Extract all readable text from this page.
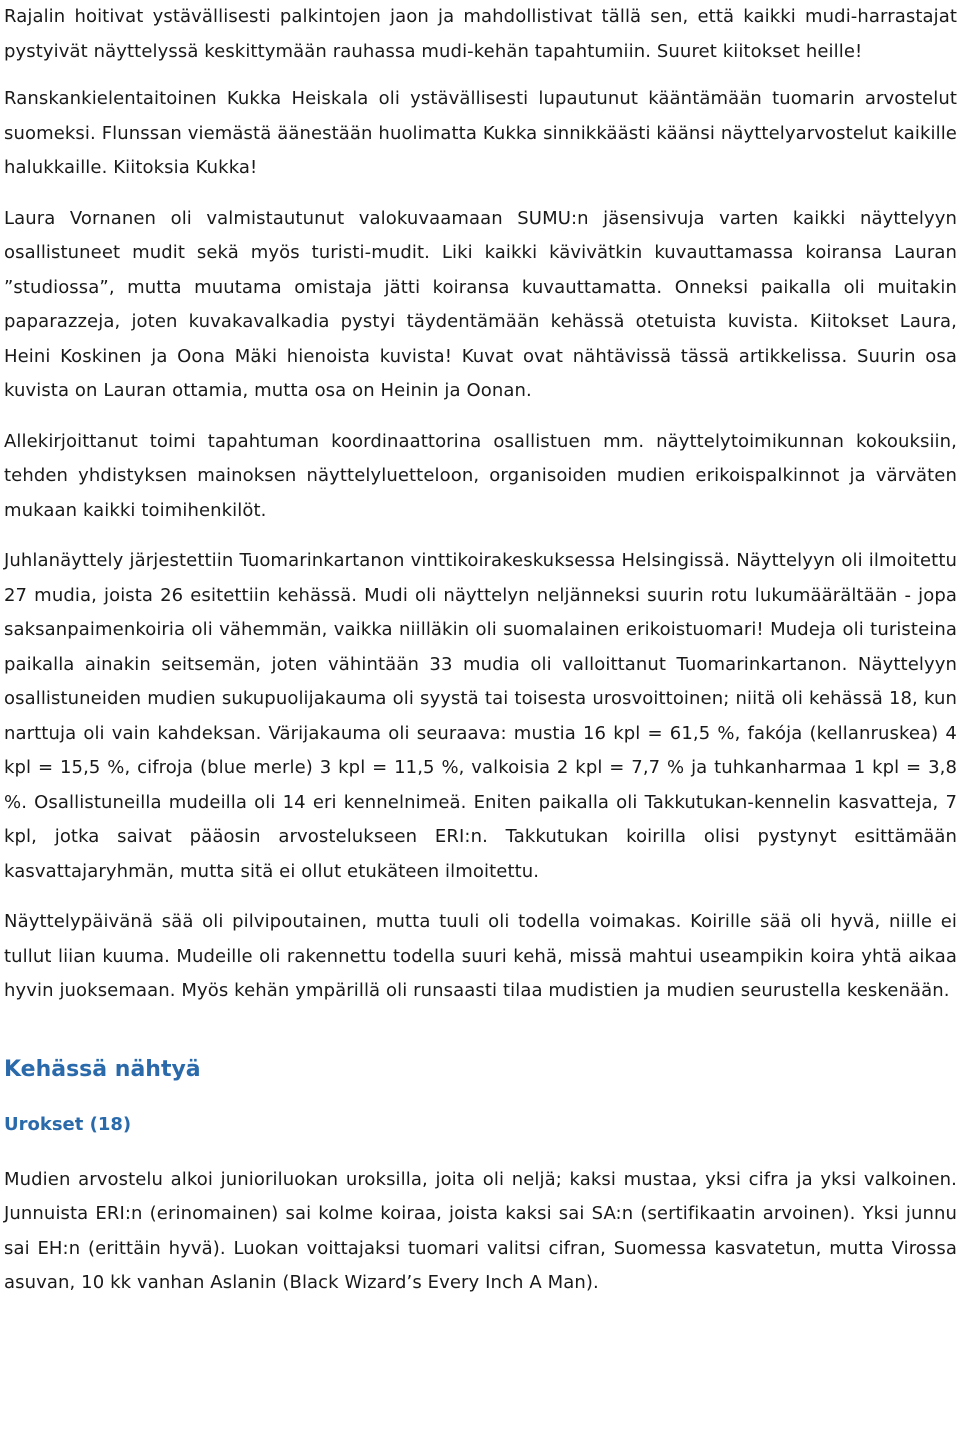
Rajalin hoitivat ystävällisesti palkintojen jaon ja mahdollistivat tällä sen, että kaikki mudi-harrastajat pystyivät näyttelyssä keskittymään rauhassa mudi-kehän tapahtumiin. Suuret kiitokset heille!

Ranskankielentaitoinen Kukka Heiskala oli ystävällisesti lupautunut kääntämään tuomarin arvostelut suomeksi. Flunssan viemästä äänestään huolimatta Kukka sinnikkäästi käänsi näyttelyarvostelut kaikille halukkaille. Kiitoksia Kukka!

Laura Vornanen oli valmistautunut valokuvaamaan SUMU:n jäsensivuja varten kaikki näyttelyyn osallistuneet mudit sekä myös turisti-mudit. Liki kaikki kävivätkin kuvauttamassa koiransa Lauran ”studiossa”, mutta muutama omistaja jätti koiransa kuvauttamatta. Onneksi paikalla oli muitakin paparazzeja, joten kuvakavalkadia pystyi täydentämään kehässä otetuista kuvista. Kiitokset Laura, Heini Koskinen ja Oona Mäki hienoista kuvista! Kuvat ovat nähtävissä tässä artikkelissa. Suurin osa kuvista on Lauran ottamia, mutta osa on Heinin ja Oonan.

Allekirjoittanut toimi tapahtuman koordinaattorina osallistuen mm. näyttelytoimikunnan kokouksiin, tehden yhdistyksen mainoksen näyttelyluetteloon, organisoiden mudien erikoispalkinnot ja värväten mukaan kaikki toimihenkilöt.

Juhlanäyttely järjestettiin Tuomarinkartanon vinttikoirakeskuksessa Helsingissä. Näyttelyyn oli ilmoitettu 27 mudia, joista 26 esitettiin kehässä. Mudi oli näyttelyn neljänneksi suurin rotu lukumäärältään - jopa saksanpaimenkoiria oli vähemmän, vaikka niilläkin oli suomalainen erikoistuomari! Mudeja oli turisteina paikalla ainakin seitsemän, joten vähintään 33 mudia oli valloittanut Tuomarinkartanon. Näyttelyyn osallistuneiden mudien sukupuolijakauma oli syystä tai toisesta urosvoittoinen; niitä oli kehässä 18, kun narttuja oli vain kahdeksan. Värijakauma oli seuraava: mustia 16 kpl = 61,5 %, fakója (kellanruskea) 4 kpl = 15,5 %, cifroja (blue merle) 3 kpl = 11,5 %, valkoisia 2 kpl = 7,7 % ja tuhkanharmaa 1 kpl = 3,8 %. Osallistuneilla mudeilla oli 14 eri kennelnimeä. Eniten paikalla oli Takkutukan-kennelin kasvatteja, 7 kpl, jotka saivat pääosin arvostelukseen ERI:n. Takkutukan koirilla olisi pystynyt esittämään kasvattajaryhmän, mutta sitä ei ollut etukäteen ilmoitettu.

Näyttelypäivänä sää oli pilvipoutainen, mutta tuuli oli todella voimakas. Koirille sää oli hyvä, niille ei tullut liian kuuma. Mudeille oli rakennettu todella suuri kehä, missä mahtui useampikin koira yhtä aikaa hyvin juoksemaan. Myös kehän ympärillä oli runsaasti tilaa mudistien ja mudien seurustella keskenään.

Kehässä nähtyä
Urokset (18)

Mudien arvostelu alkoi junioriluokan uroksilla, joita oli neljä; kaksi mustaa, yksi cifra ja yksi valkoinen. Junnuista ERI:n (erinomainen) sai kolme koiraa, joista kaksi sai SA:n (sertifikaatin arvoinen). Yksi junnu sai EH:n (erittäin hyvä). Luokan voittajaksi tuomari valitsi cifran, Suomessa kasvatetun, mutta Virossa asuvan, 10 kk vanhan Aslanin (Black Wizard’s Every Inch A Man).
